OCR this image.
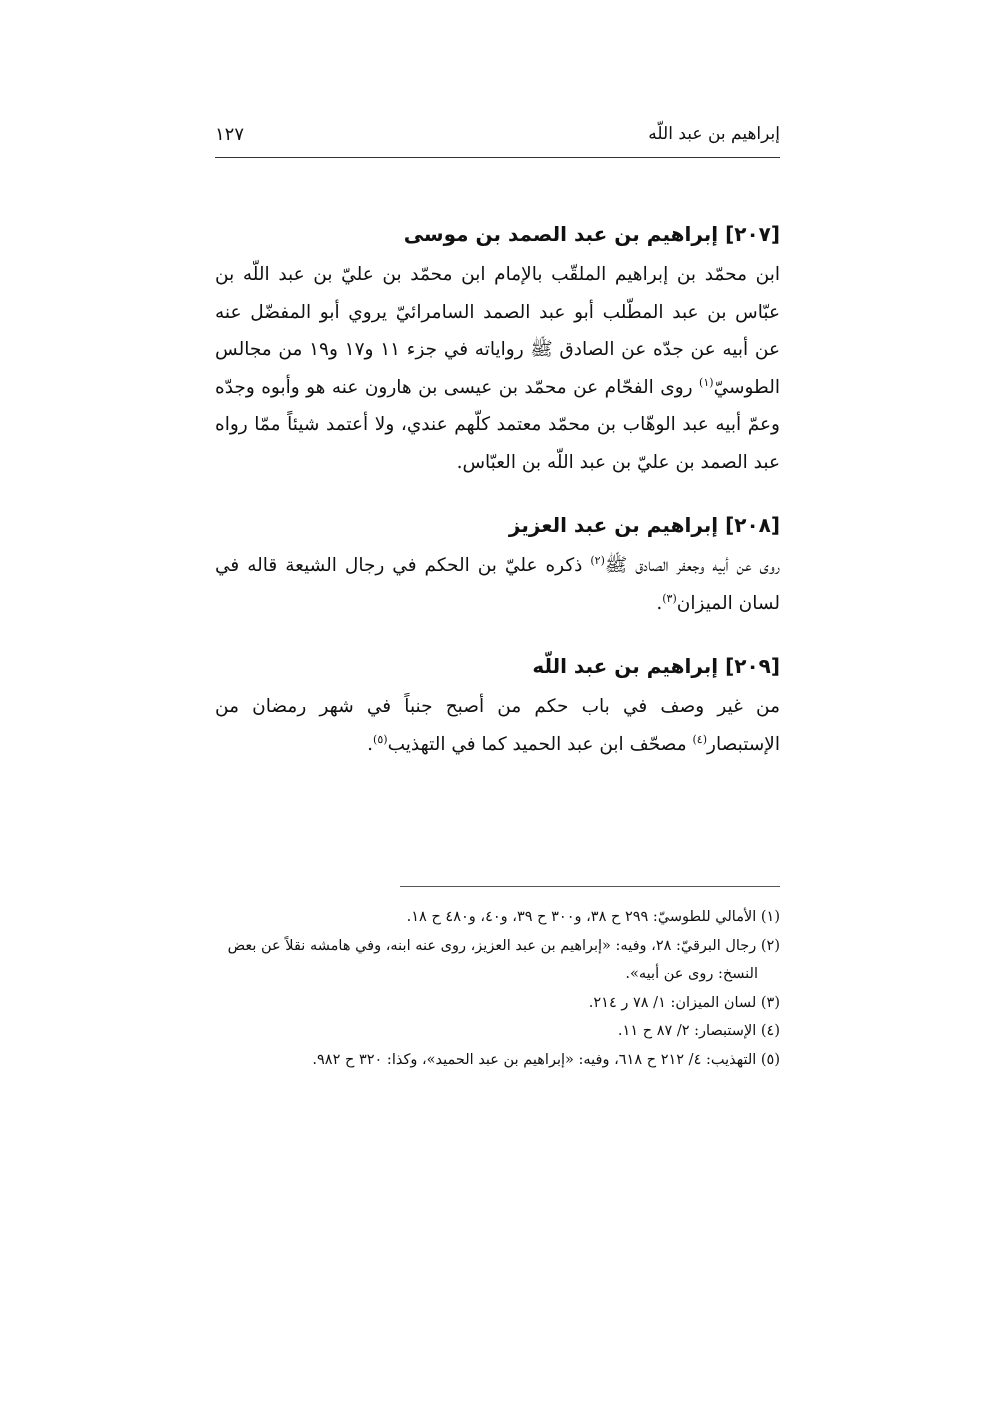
إبراهيم بن عبد اللّه
١٢٧

[٢٠٧] إبراهيم بن عبد الصمد بن موسى

ابن محمّد بن إبراهيم الملقّب بالإمام ابن محمّد بن عليّ بن عبد اللّه بن عبّاس بن عبد المطّلب أبو عبد الصمد السامرائيّ يروي أبو المفضّل عنه عن أبيه عن جدّه عن الصادق ﷺ رواياته في جزء ١١ و١٧ و١٩ من مجالس الطوسيّ$^{(١)}$ روى الفحّام عن محمّد بن عيسى بن هارون عنه هو وأبوه وجدّه وعمّ أبيه عبد الوهّاب بن محمّد معتمد كلّهم عندي، ولا أعتمد شيئاً ممّا رواه عبد الصمد بن عليّ بن عبد اللّه بن العبّاس.

[٢٠٨] إبراهيم بن عبد العزيز

روى عن أبيه وجعفر الصادق ﷺ$^{(٢)}$ ذكره عليّ بن الحكم في رجال الشيعة قاله في لسان الميزان$^{(٣)}$.

[٢٠٩] إبراهيم بن عبد اللّه

من غير وصف في باب حكم من أصبح جنباً في شهر رمضان من الإستبصار$^{(٤)}$ مصحّف ابن عبد الحميد كما في التهذيب$^{(٥)}$.

(١) الأمالي للطوسيّ: ٢٩٩ ح ٣٨، و٣٠٠ ح ٣٩، و٤٠، و٤٨٠ ح ١٨.

(٢) رجال البرقيّ: ٢٨، وفيه: «إبراهيم بن عبد العزيز، روى عنه ابنه، وفي هامشه نقلاً عن بعض
النسخ: روى عن أبيه».

(٣) لسان الميزان: ١/ ٧٨ ر ٢١٤.

(٤) الإستبصار: ٢/ ٨٧ ح ١١.

(٥) التهذيب: ٤/ ٢١٢ ح ٦١٨، وفيه: «إبراهيم بن عبد الحميد»، وكذا: ٣٢٠ ح ٩٨٢.
